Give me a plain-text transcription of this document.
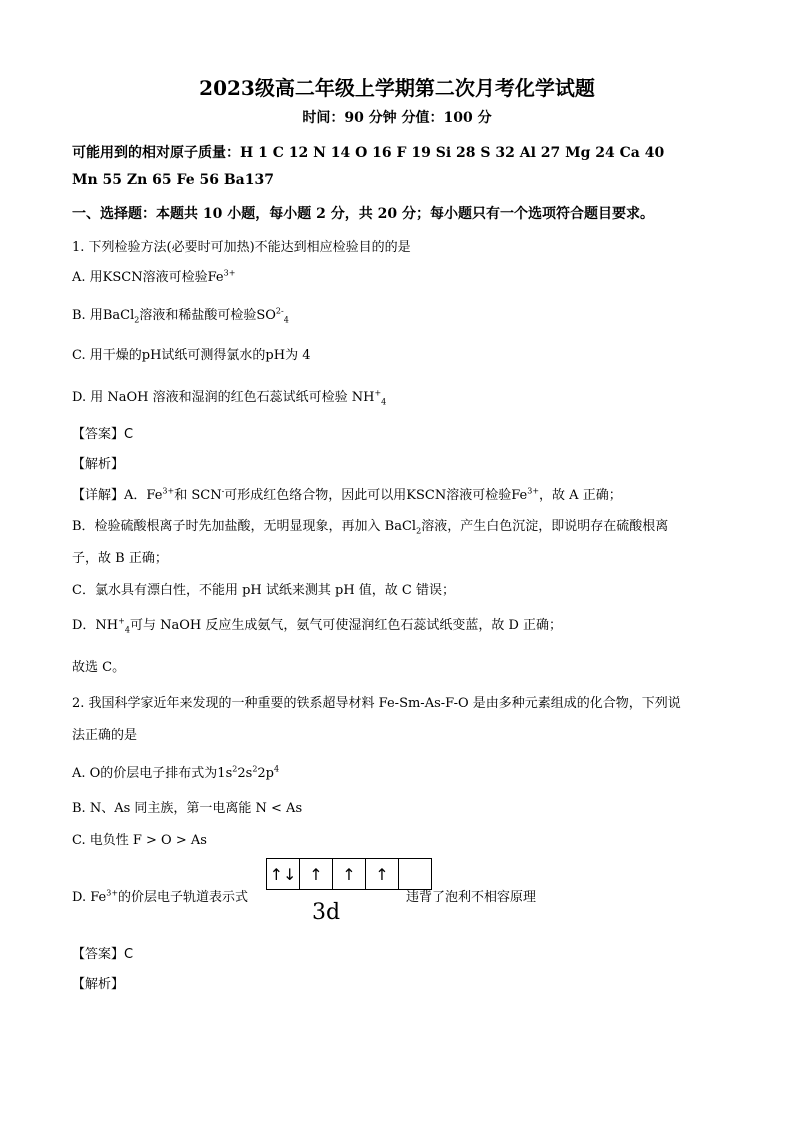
2023级高二年级上学期第二次月考化学试题
时间：90 分钟 分值：100 分
可能用到的相对原子质量：H 1 C 12 N 14 O 16 F 19 Si 28 S 32 Al 27 Mg 24 Ca 40
Mn 55 Zn 65 Fe 56 Ba137
一、选择题：本题共 10 小题，每小题 2 分，共 20 分；每小题只有一个选项符合题目要求。
1. 下列检验方法(必要时可加热)不能达到相应检验目的的是
A. 用KSCN溶液可检验$Fe^{3+}$
B. 用BaCl$_2$溶液和稀盐酸可检验$SO^{2-}_4$
C. 用干燥的pH试纸可测得氯水的pH为 4
D. 用 NaOH 溶液和湿润的红色石蕊试纸可检验 $NH^+_4$
【答案】C
【解析】
【详解】A．$Fe^{3+}$和 SCN-可形成红色络合物，因此可以用KSCN溶液可检验$Fe^{3+}$，故 A 正确；
B．检验硫酸根离子时先加盐酸，无明显现象，再加入 BaCl$_2$溶液，产生白色沉淀，即说明存在硫酸根离
子，故 B 正确；
C．氯水具有漂白性，不能用 pH 试纸来测其 pH 值，故 C 错误；
D．$NH^+_4$可与 NaOH 反应生成氨气，氨气可使湿润红色石蕊试纸变蓝，故 D 正确；
故选 C。
2. 我国科学家近年来发现的一种重要的铁系超导材料 Fe-Sm-As-F-O 是由多种元素组成的化合物，下列说
法正确的是
A. O的价层电子排布式为$1s^22s^22p^4$
B. N、As 同主族，第一电离能 N < As
C. 电负性 F > O > As
D. $Fe^{3+}$的价层电子轨道表示式
↑↓ ↑	↑	↑
3d
违背了泡利不相容原理
【答案】C
【解析】
